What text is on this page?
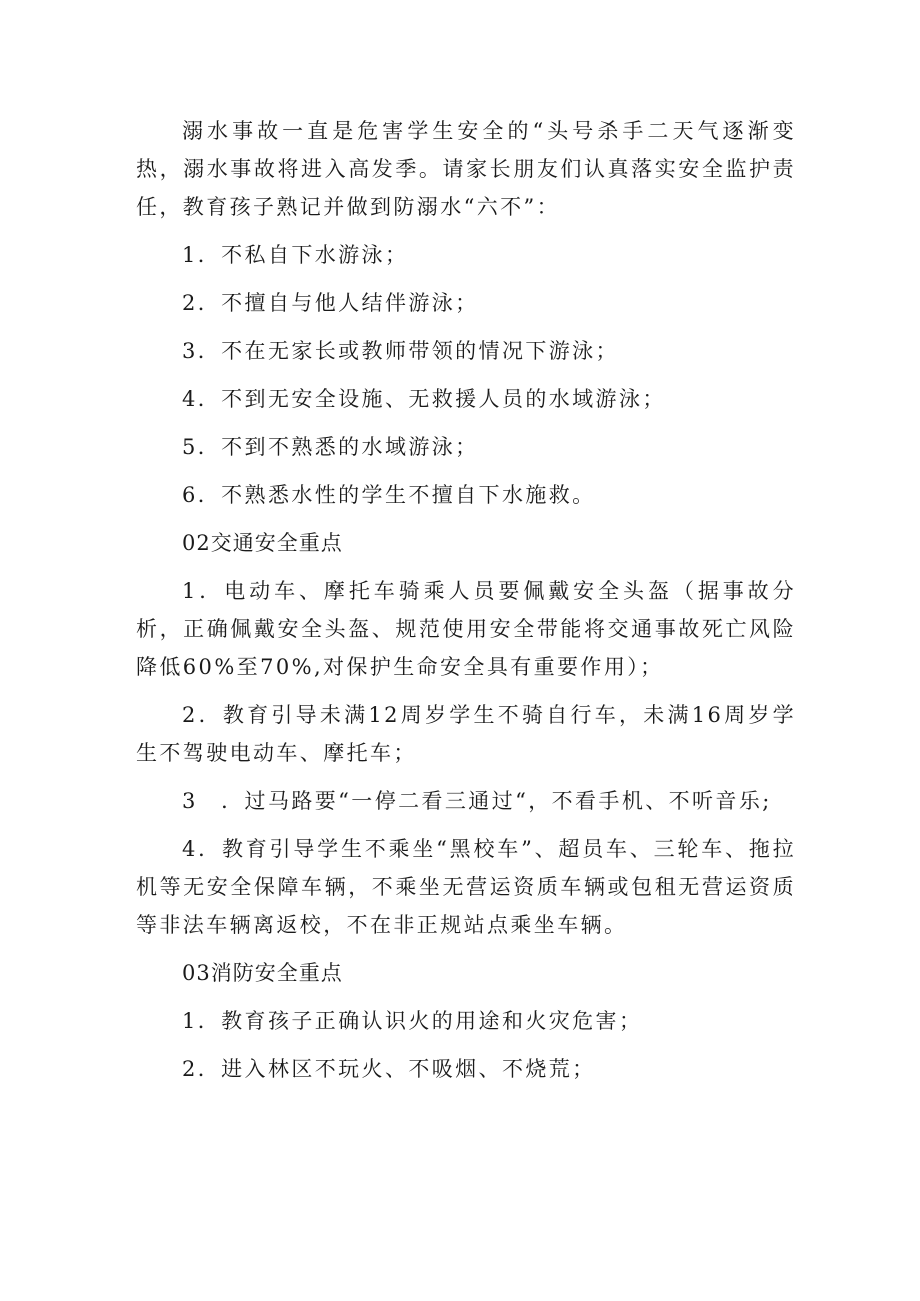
溺水事故一直是危害学生安全的“头号杀手二天气逐渐变热，溺水事故将进入高发季。请家长朋友们认真落实安全监护责任，教育孩子熟记并做到防溺水“六不”：

1．不私自下水游泳；

2．不擅自与他人结伴游泳；

3．不在无家长或教师带领的情况下游泳；

4．不到无安全设施、无救援人员的水域游泳；

5．不到不熟悉的水域游泳；

6．不熟悉水性的学生不擅自下水施救。

02交通安全重点

1．电动车、摩托车骑乘人员要佩戴安全头盔（据事故分析，正确佩戴安全头盔、规范使用安全带能将交通事故死亡风险降低60%至70%,对保护生命安全具有重要作用）；

2．教育引导未满12周岁学生不骑自行车，未满16周岁学生不驾驶电动车、摩托车；

3　．过马路要“一停二看三通过“，不看手机、不听音乐;

4．教育引导学生不乘坐“黑校车”、超员车、三轮车、拖拉机等无安全保障车辆，不乘坐无营运资质车辆或包租无营运资质等非法车辆离返校，不在非正规站点乘坐车辆。

03消防安全重点

1．教育孩子正确认识火的用途和火灾危害；

2．进入林区不玩火、不吸烟、不烧荒；
